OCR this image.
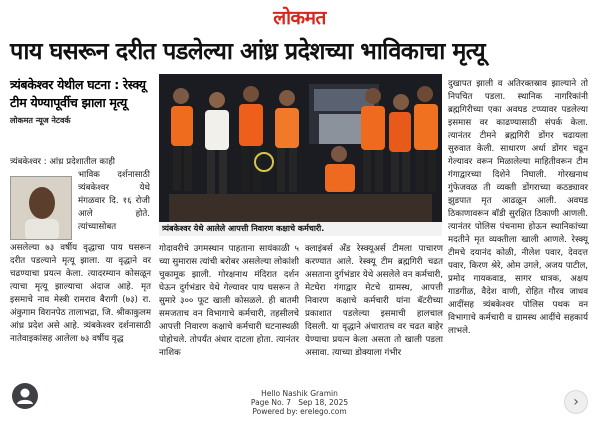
लोकमत
पाय घसरून दरीत पडलेल्या आंध्र प्रदेशच्या भाविकाचा मृत्यू
त्र्यंबकेश्वर येथील घटना : रेस्क्यू टीम येण्यापूर्वीच झाला मृत्यू
लोकमत न्यूज नेटवर्क
त्र्यंबकेश्वर येथे आलेले आपत्ती निवारण कक्षाचे कर्मचारी.

त्र्यंबकेश्वर : आंध्र प्रदेशातील काही

भाविक दर्शनासाठी त्र्यंबकेश्वर येथे मंगळवार दि. १६ रोजी आले होते. त्यांच्यासोबत

असलेल्या ७३ वर्षीय वृद्धाचा पाय घसरून दरीत पडल्याने मृत्यू झाला. या वृद्धाने वर चढण्याचा प्रयत्न केला. त्यादरम्यान कोसळून त्याचा मृत्यू झाल्याचा अंदाज आहे. मृत इसमाचे नाव मेस्त्री रामराव बैरागी (७३) रा. अंकुगाम विरानपेठ तालाभद्रा, जि. श्रीकाकुलम आंध्र प्रदेश असे आहे. त्र्यंबकेश्वर दर्शनासाठी नातेवाइकांसह आलेला ७३ वर्षीय वृद्ध

गोदावरीचे उगमस्थान पाहताना सायंकाळी ५ च्या सुमारास त्यांची बरोबर असलेल्या लोकांशी चुकामूक झाली. गोरक्षनाथ मंदिरात दर्शन घेऊन दुर्गभंडार येथे गेल्यावर पाय घसरून ते सुमारे ३०० फूट खाली कोसळले. ही बातमी समजताच वन विभागाचे कर्मचारी, तहसीलचे आपत्ती निवारण कक्षाचे कर्मचारी घटनास्थळी पोहोचले. तोपर्यंत अंधार दाटला होता. त्यानंतर नाशिक

क्लाइंबर्स अँड रेस्क्यूअर्स टीमला पाचारण करण्यात आले. रेस्क्यू टीम ब्रह्मगिरी चढत असताना दुर्गभंडार येथे असलेले वन कर्मचारी, मेटघेरा गंगाद्वार मेटचे ग्रामस्थ, आपत्ती निवारण कक्षाचे कर्मचारी यांना बॅटरीच्या प्रकाशात पडलेल्या इसमाची हालचाल दिसली. या वृद्धाने अंधारातच वर चढत बाहेर येण्याचा प्रयत्न केला असता तो खाली पडला असावा. त्याच्या डोक्याला गंभीर

दुखापत झाली व अतिरक्तस्राव झाल्याने तो निपचित पडला. स्थानिक नागरिकांनी ब्रह्मगिरीच्या एका अवघड टप्प्यावर पडलेल्या इसमास वर काढण्यासाठी संपर्क केला. त्यानंतर टीमने ब्रह्मगिरी डोंगर चढायला सुरुवात केली. साधारण अर्धा डोंगर चढून गेल्यावर वरून मिळालेल्या माहितीवरून टीम गंगाद्वारच्या दिशेने निघाली. गोरखनाथ गुंफेजवळ ती व्यक्ती डोंगराच्या कठड्यावर झुडपात मृत आढळून आली. अवघड ठिकाणावरून बॉडी सुरक्षित ठिकाणी आणली. त्यानंतर पोलिस पंचनामा होऊन स्थानिकांच्या मदतीने मृत व्यक्तीला खाली आणले. रेस्क्यू टीमचे दयानंद कोळी, नीलेश पवार, देवदत्त पवार, किरण श्रेरे, ओम उगले, अजय पाटील, प्रमोद गायकवाड, सागर धात्रक, अक्षय गाडगीळ, वैदेश वाणी, रोहित गौरव जाधव आदींसह त्र्यंबकेश्वर पोलिस पथक वन विभागाचे कर्मचारी व ग्रामस्थ आदींचे सहकार्य लाभले.

Hello Nashik Gramin
Page No. 7   Sep 18, 2025
Powered by: erelego.com
›
